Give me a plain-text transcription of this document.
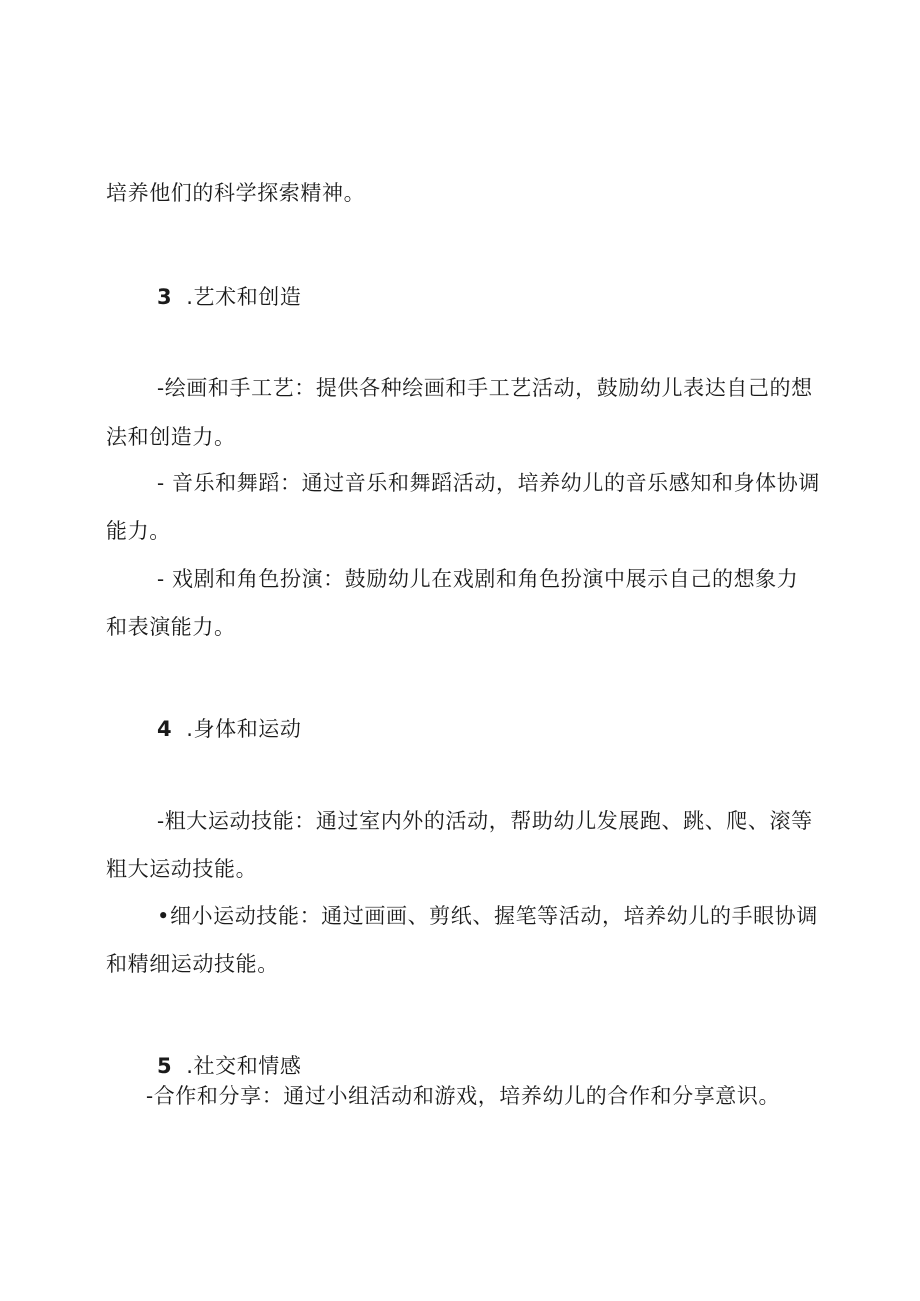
培养他们的科学探索精神。
3 .艺术和创造
-绘画和手工艺：提供各种绘画和手工艺活动，鼓励幼儿表达自己的想
法和创造力。
- 音乐和舞蹈：通过音乐和舞蹈活动，培养幼儿的音乐感知和身体协调
能力。
- 戏剧和角色扮演：鼓励幼儿在戏剧和角色扮演中展示自己的想象力
和表演能力。
4 .身体和运动
-粗大运动技能：通过室内外的活动，帮助幼儿发展跑、跳、爬、滚等
粗大运动技能。
•细小运动技能：通过画画、剪纸、握笔等活动，培养幼儿的手眼协调
和精细运动技能。
5 .社交和情感
-合作和分享：通过小组活动和游戏，培养幼儿的合作和分享意识。
